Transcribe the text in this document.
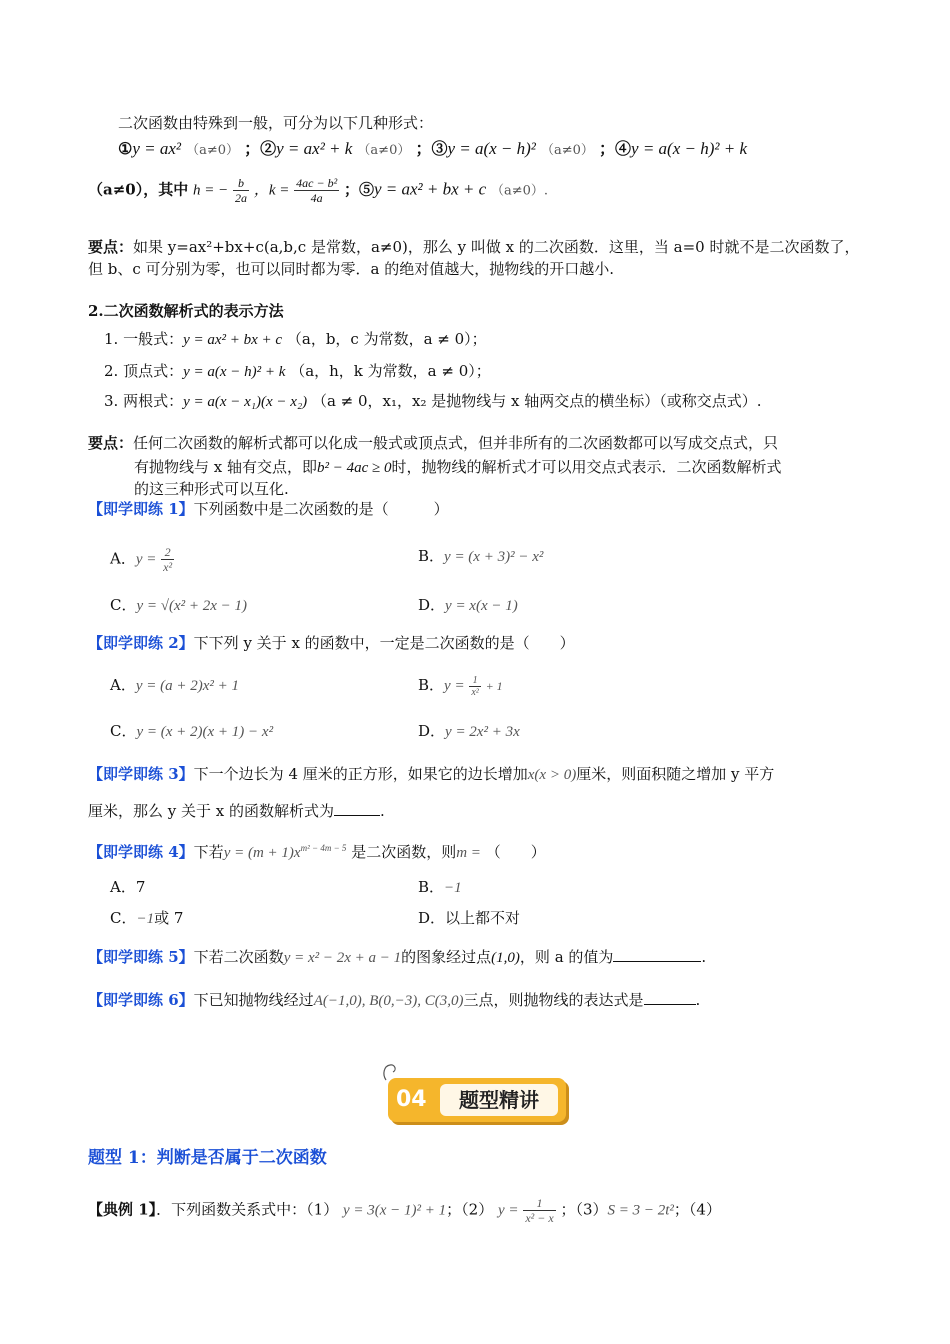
二次函数由特殊到一般，可分为以下几种形式：
①y = ax² （a≠0） ；②y = ax² + k （a≠0） ；③y = a(x − h)² （a≠0） ；④y = a(x − h)² + k
（a≠0），其中 h = − $\frac{b}{2a}$ ，$k = \frac{\text{4ac − b²}}{4a}$ ；⑤y = ax² + bx + c （a≠0）.
要点：如果 y=ax²+bx+c(a,b,c 是常数，a≠0)，那么 y 叫做 x 的二次函数．这里，当 a=0 时就不是二次函数了，
但 b、c 可分别为零，也可以同时都为零．a 的绝对值越大，抛物线的开口越小.
2.二次函数解析式的表示方法
1. 一般式：y = ax² + bx + c （a，b，c 为常数，a ≠ 0）；
2. 顶点式：y = a(x − h)² + k （a，h，k 为常数，a ≠ 0）；
3. 两根式：y = a(x − x₁)(x − x₂) （a ≠ 0，x₁，x₂ 是抛物线与 x 轴两交点的横坐标）（或称交点式）.
要点：任何二次函数的解析式都可以化成一般式或顶点式，但并非所有的二次函数都可以写成交点式，只
有抛物线与 x 轴有交点，即b² − 4ac ≥ 0时，抛物线的解析式才可以用交点式表示．二次函数解析式
的这三种形式可以互化.
【即学即练 1】下列函数中是二次函数的是（　　　）
A．$y = \frac{2}{\text{x²}}$	B．y = (x + 3)² − x²
C．y = √(x² + 2x − 1)	D．y = x(x − 1)
【即学即练 2】下下列 y 关于 x 的函数中，一定是二次函数的是（　　）
A．y = (a + 2)x² + 1	B．$y = \frac{1}{\text{x²}} + 1$
C．y = (x + 2)(x + 1) − x²	D．y = 2x² + 3x
【即学即练 3】下一个边长为 4 厘米的正方形，如果它的边长增加x(x > 0)厘米，则面积随之增加 y 平方
厘米，那么 y 关于 x 的函数解析式为	.
【即学即练 4】下若$y = (m + 1)x^{m^2 - 4m - 5}$ 是二次函数，则m = （　　）
A．7	B．−1
C．−1或 7	D．以上都不对
【即学即练 5】下若二次函数y = x² − 2x + a − 1的图象经过点(1,0)，则 a 的值为	.
【即学即练 6】下已知抛物线经过A(−1,0), B(0,−3), C(3,0)三点，则抛物线的表达式是	.
04	题型精讲
题型 1：判断是否属于二次函数
【典例 1】．下列函数关系式中：（1） y = 3(x − 1)² + 1；（2） $y = \frac{1}{\text{x² − x}}$ ；（3）S = 3 − 2t²；（4）
